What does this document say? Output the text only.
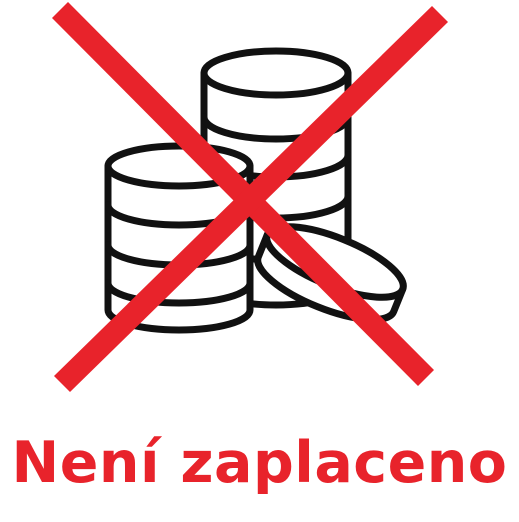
Není zaplaceno
